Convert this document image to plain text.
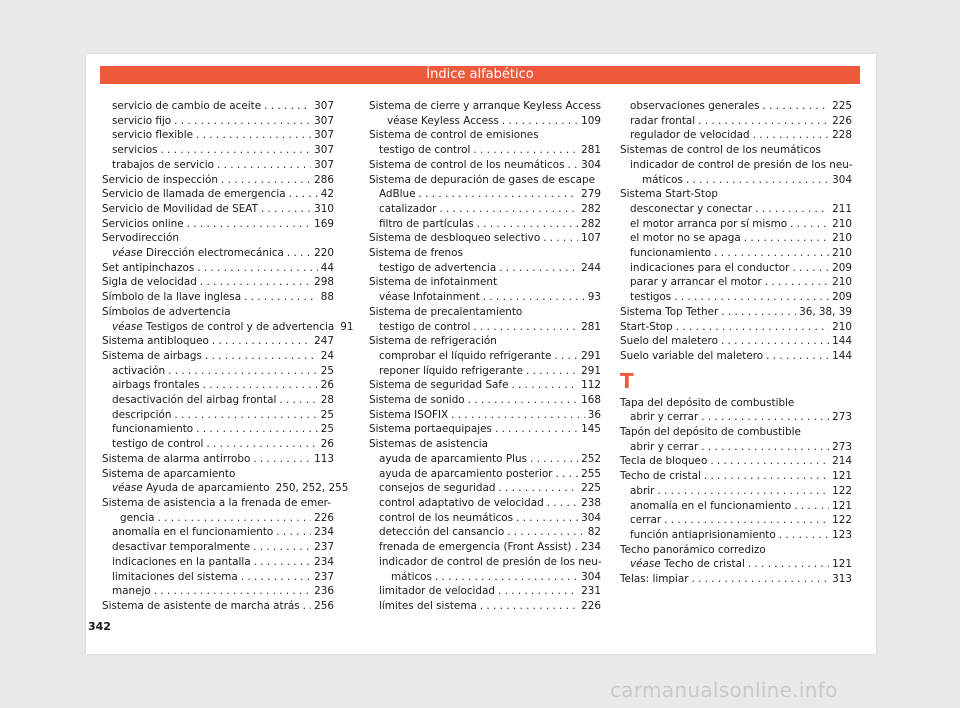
Índice alfabético
servicio de cambio de aceite . . .	307
servicio fijo . . .	307
servicio flexible . . .	307
servicios . . .	307
trabajos de servicio . . .	307
Servicio de inspección . . .	286
Servicio de llamada de emergencia . . .	42
Servicio de Movilidad de SEAT . . .	310
Servicios online . . .	169
Servodirección
véase Dirección electromecánica . . .	220
Set antipinchazos . . .	44
Sigla de velocidad . . .	298
Símbolo de la llave inglesa . . .	88
Símbolos de advertencia
véase Testigos de control y de advertencia 91
Sistema antibloqueo . . .	247
Sistema de airbags . . .	24
activación . . .	25
airbags frontales . . .	26
desactivación del airbag frontal . . .	28
descripción . . .	25
funcionamiento . . .	25
testigo de control . . .	26
Sistema de alarma antirrobo . . .	113
Sistema de aparcamiento
véase Ayuda de aparcamiento 250, 252, 255
Sistema de asistencia a la frenada de emer-
gencia . . .	226
anomalía en el funcionamiento . . .	234
desactivar temporalmente . . .	237
indicaciones en la pantalla . . .	234
limitaciones del sistema . . .	237
manejo . . .	236
Sistema de asistente de marcha atrás . . . 256
Sistema de cierre y arranque Keyless Access
véase Keyless Access . . .	109
Sistema de control de emisiones
testigo de control . . .	281
Sistema de control de los neumáticos . . . 304
Sistema de depuración de gases de escape
AdBlue . . .	279
catalizador . . .	282
filtro de partículas . . .	282
Sistema de desbloqueo selectivo . . .	107
Sistema de frenos
testigo de advertencia . . .	244
Sistema de infotainment
véase Infotainment . . .	93
Sistema de precalentamiento
testigo de control . . .	281
Sistema de refrigeración
comprobar el líquido refrigerante . . .	291
reponer líquido refrigerante . . .	291
Sistema de seguridad Safe . . .	112
Sistema de sonido . . .	168
Sistema ISOFIX . . .	36
Sistema portaequipajes . . .	145
Sistemas de asistencia
ayuda de aparcamiento Plus . . .	252
ayuda de aparcamiento posterior . . .	255
consejos de seguridad . . .	225
control adaptativo de velocidad . . .	238
control de los neumáticos . . .	304
detección del cansancio . . .	82
frenada de emergencia (Front Assist) . . . 234
indicador de control de presión de los neu-
máticos . . .	304
limitador de velocidad . . .	231
límites del sistema . . .	226
observaciones generales . . .	225
radar frontal . . .	226
regulador de velocidad . . .	228
Sistemas de control de los neumáticos
indicador de control de presión de los neu-
máticos . . .	304
Sistema Start-Stop
desconectar y conectar . . .	211
el motor arranca por sí mismo . . .	210
el motor no se apaga . . .	210
funcionamiento . . .	210
indicaciones para el conductor . . .	209
parar y arrancar el motor . . .	210
testigos . . .	209
Sistema Top Tether . . .	36, 38, 39
Start-Stop . . .	210
Suelo del maletero . . .	144
Suelo variable del maletero . . .	144
T
Tapa del depósito de combustible
abrir y cerrar . . .	273
Tapón del depósito de combustible
abrir y cerrar . . .	273
Tecla de bloqueo . . .	214
Techo de cristal . . .	121
abrir . . .	122
anomalía en el funcionamiento . . .	121
cerrar . . .	122
función antiaprisionamiento . . .	123
Techo panorámico corredizo
véase Techo de cristal . . .	121
Telas: limpiar . . .	313
342
carmanualsonline.info
